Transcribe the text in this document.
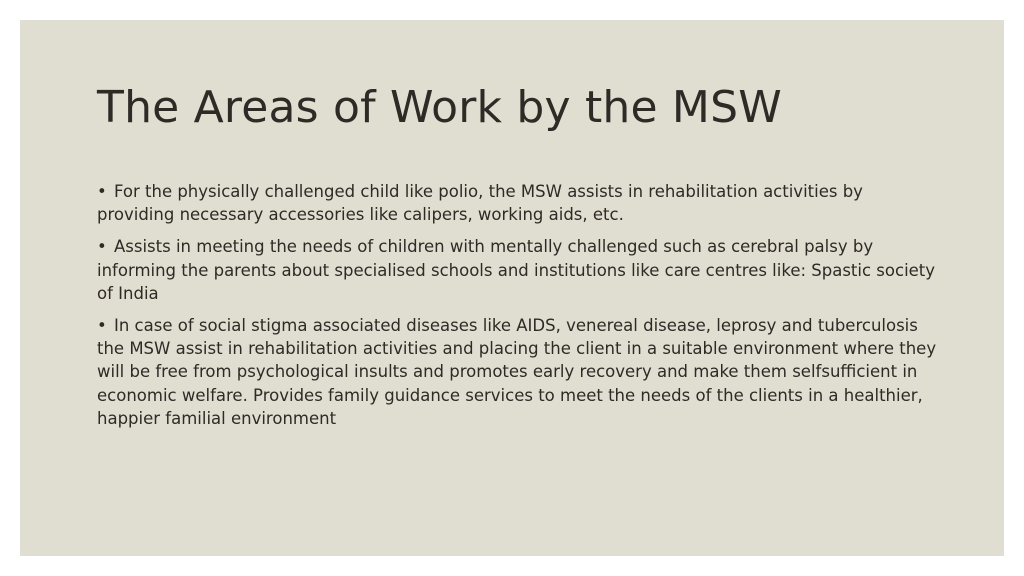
The Areas of Work by the MSW
• For the physically challenged child like polio, the MSW assists in rehabilitation activities by providing necessary accessories like calipers, working aids, etc.
• Assists in meeting the needs of children with mentally challenged such as cerebral palsy by informing the parents about specialised schools and institutions like care centres like: Spastic society of India
• In case of social stigma associated diseases like AIDS, venereal disease, leprosy and tuberculosis the MSW assist in rehabilitation activities and placing the client in a suitable environment where they will be free from psychological insults and promotes early recovery and make them selfsufficient in economic welfare. Provides family guidance services to meet the needs of the clients in a healthier, happier familial environment
